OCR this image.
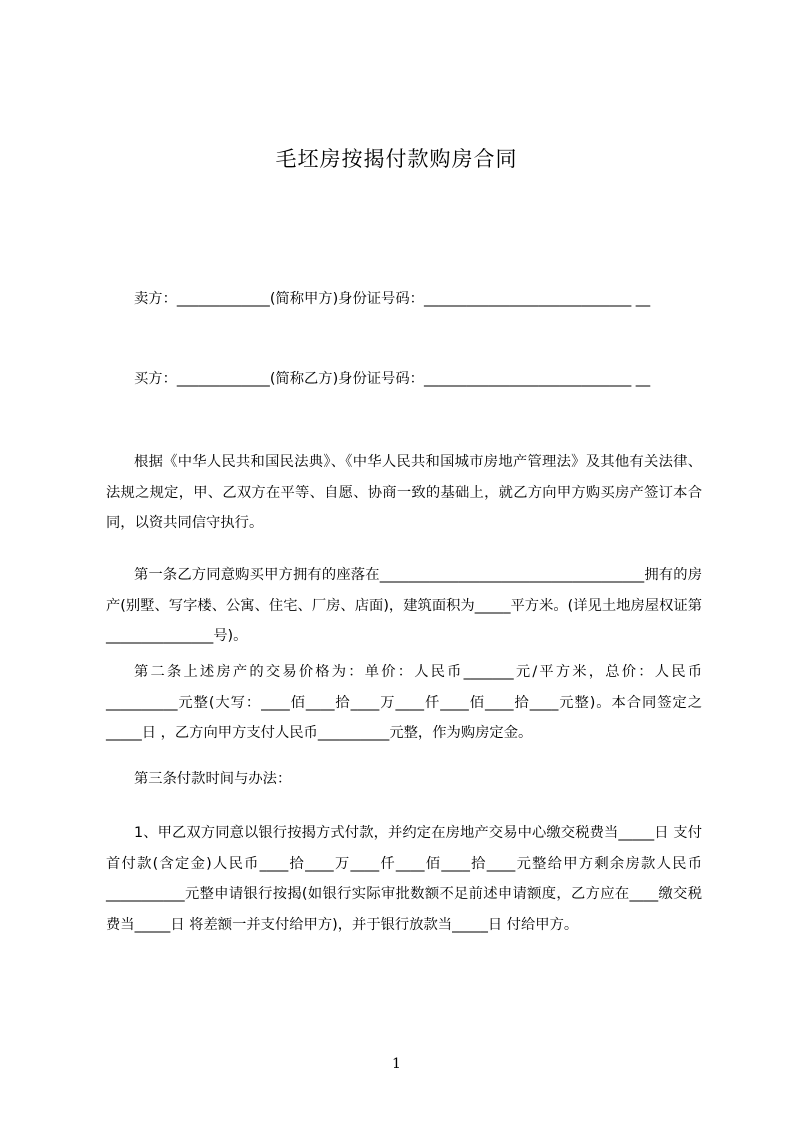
毛坯房按揭付款购房合同
卖方：_____________(简称甲方)身份证号码：_____________________________ __
买方：_____________(简称乙方)身份证号码：_____________________________ __
根据《中华人民共和国民法典》、《中华人民共和国城市房地产管理法》及其他有关法律、法规之规定，甲、乙双方在平等、自愿、协商一致的基础上，就乙方向甲方购买房产签订本合同，以资共同信守执行。
第一条乙方同意购买甲方拥有的座落在_____________________________________拥有的房产(别墅、写字楼、公寓、住宅、厂房、店面)，建筑面积为_____平方米。(详见土地房屋权证第_______________号)。
第二条上述房产的交易价格为：单价：人民币_______元/平方米，总价：人民币__________元整(大写：____佰____拾____万____仟____佰____拾____元整)。本合同签定之_____日 ，乙方向甲方支付人民币__________元整，作为购房定金。
第三条付款时间与办法：
1、甲乙双方同意以银行按揭方式付款，并约定在房地产交易中心缴交税费当_____日 支付首付款(含定金)人民币____拾____万____仟____佰____拾____元整给甲方剩余房款人民币___________元整申请银行按揭(如银行实际审批数额不足前述申请额度，乙方应在____缴交税费当_____日 将差额一并支付给甲方)，并于银行放款当_____日 付给甲方。
1
